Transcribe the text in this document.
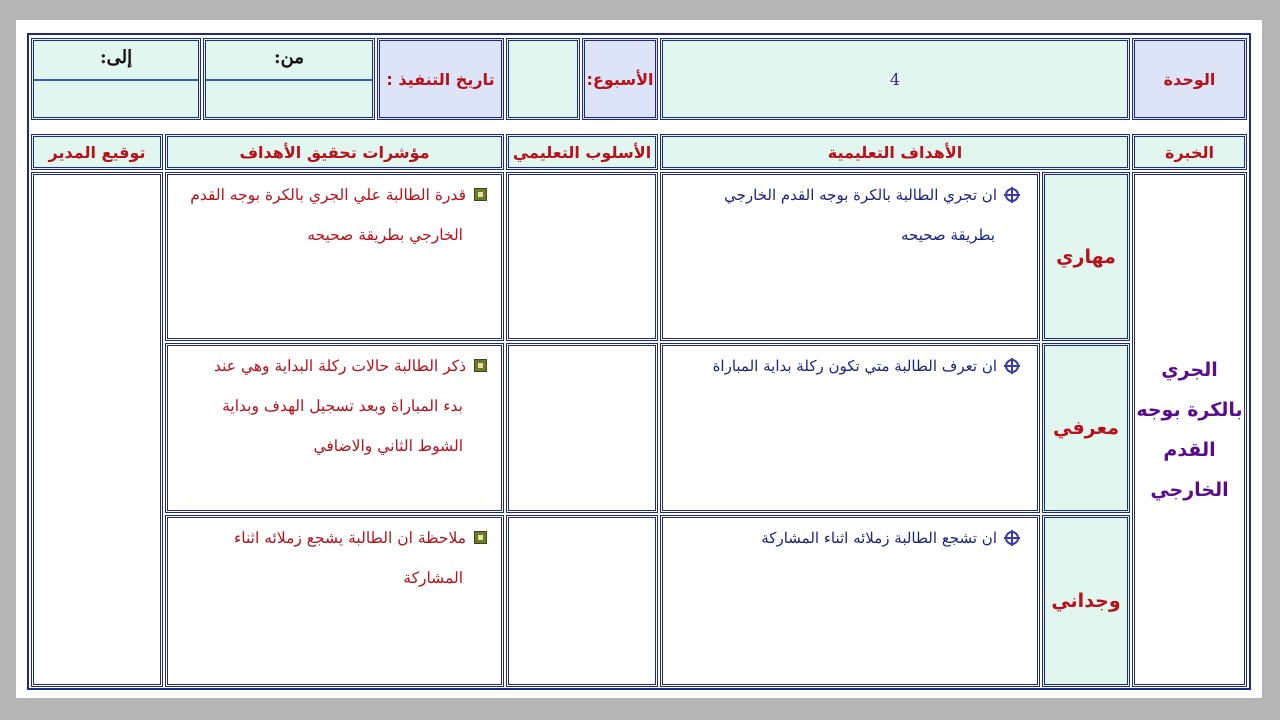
الوحدة
4
الأسبوع:
تاريخ التنفيذ :
من:
إلى:
الخبرة
الأهداف التعليمية
الأسلوب التعليمي
مؤشرات تحقيق الأهداف
توقيع المدير
الجري
بالكرة بوجه
القدم
الخارجي
مهاري
ان تجري الطالبة بالكرة بوجه القدم الخارجي
بطريقة صحيحه
قدرة الطالبة علي الجري بالكرة بوجه القدم
الخارجي بطريقة صحيحه
معرفي
ان تعرف الطالبة متي تكون ركلة بداية المباراة
ذكر الطالبة حالات ركلة البداية وهي عند
بدء المباراة وبعد تسجيل الهدف وبداية
الشوط الثاني والاضافي
وجداني
ان تشجع الطالبة زملائه اثناء المشاركة
ملاحظة ان الطالبة يشجع زملائه اثناء
المشاركة
